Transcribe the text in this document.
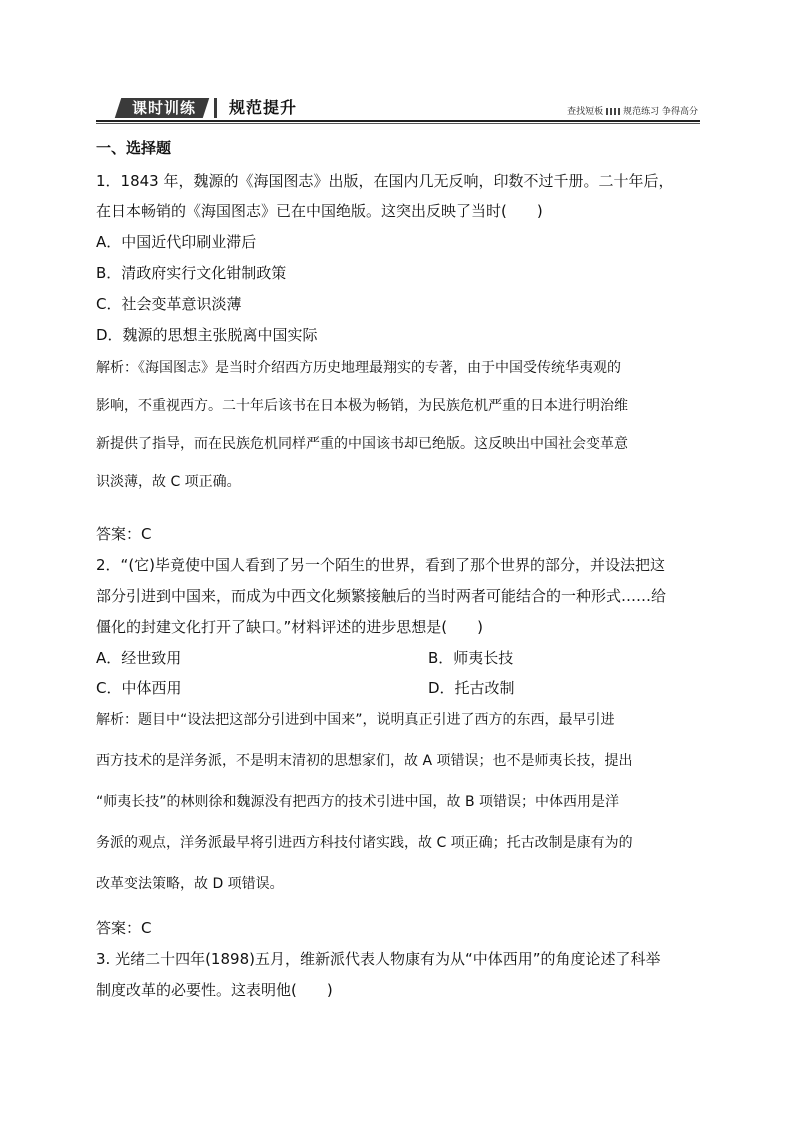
课时训练	规范提升	查找短板 规范练习 争得高分
一、选择题
1．1843 年，魏源的《海国图志》出版，在国内几无反响，印数不过千册。二十年后，
在日本畅销的《海国图志》已在中国绝版。这突出反映了当时(　　)
A．中国近代印刷业滞后
B．清政府实行文化钳制政策
C．社会变革意识淡薄
D．魏源的思想主张脱离中国实际
解析：《海国图志》是当时介绍西方历史地理最翔实的专著，由于中国受传统华夷观的
影响，不重视西方。二十年后该书在日本极为畅销，为民族危机严重的日本进行明治维
新提供了指导，而在民族危机同样严重的中国该书却已绝版。这反映出中国社会变革意
识淡薄，故 C 项正确。
答案：C
2．“(它)毕竟使中国人看到了另一个陌生的世界，看到了那个世界的部分，并设法把这
部分引进到中国来，而成为中西文化频繁接触后的当时两者可能结合的一种形式……给
僵化的封建文化打开了缺口。”材料评述的进步思想是(　　)
A．经世致用	B．师夷长技
C．中体西用	D．托古改制
解析：题目中“设法把这部分引进到中国来”，说明真正引进了西方的东西，最早引进
西方技术的是洋务派，不是明末清初的思想家们，故 A 项错误；也不是师夷长技，提出
“师夷长技”的林则徐和魏源没有把西方的技术引进中国，故 B 项错误；中体西用是洋
务派的观点，洋务派最早将引进西方科技付诸实践，故 C 项正确；托古改制是康有为的
改革变法策略，故 D 项错误。
答案：C
3. 光绪二十四年(1898)五月，维新派代表人物康有为从“中体西用”的角度论述了科举
制度改革的必要性。这表明他(　　)
